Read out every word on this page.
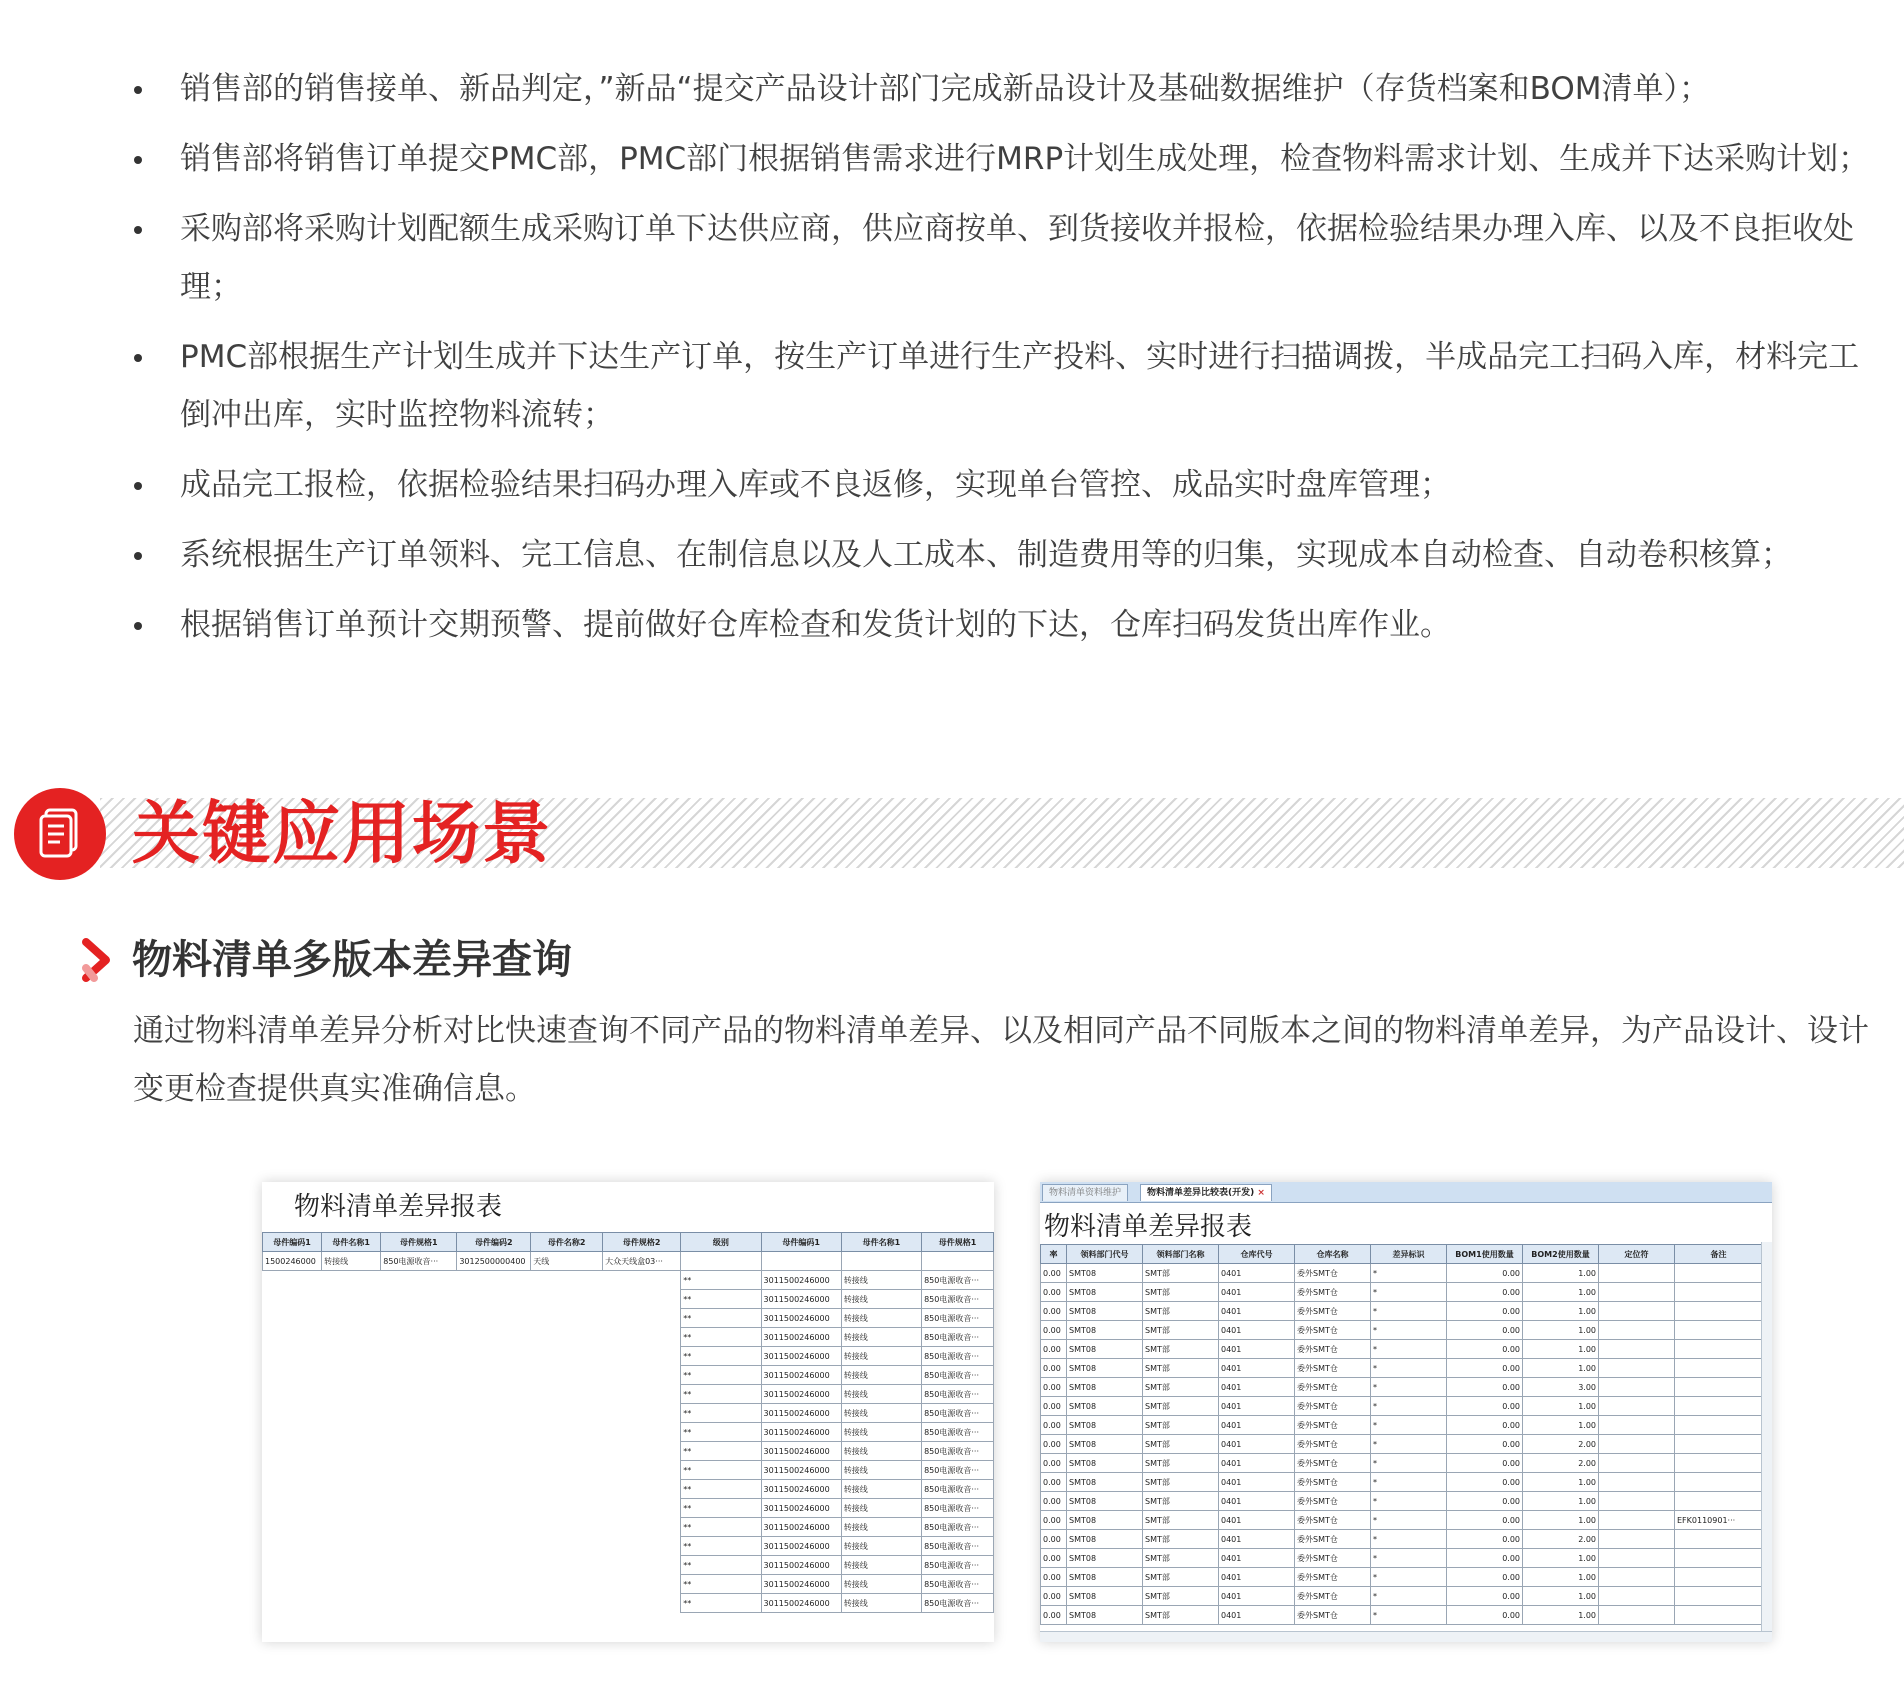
销售部的销售接单、新品判定，”新品“提交产品设计部门完成新品设计及基础数据维护（存货档案和BOM清单）；
销售部将销售订单提交PMC部，PMC部门根据销售需求进行MRP计划生成处理，检查物料需求计划、生成并下达采购计划；
采购部将采购计划配额生成采购订单下达供应商，供应商按单、到货接收并报检，依据检验结果办理入库、以及不良拒收处理；
PMC部根据生产计划生成并下达生产订单，按生产订单进行生产投料、实时进行扫描调拨，半成品完工扫码入库，材料完工倒冲出库，实时监控物料流转；
成品完工报检，依据检验结果扫码办理入库或不良返修，实现单台管控、成品实时盘库管理；
系统根据生产订单领料、完工信息、在制信息以及人工成本、制造费用等的归集，实现成本自动检查、自动卷积核算；
根据销售订单预计交期预警、提前做好仓库检查和发货计划的下达，仓库扫码发货出库作业。
关键应用场景
物料清单多版本差异查询
通过物料清单差异分析对比快速查询不同产品的物料清单差异、以及相同产品不同版本之间的物料清单差异，为产品设计、设计变更检查提供真实准确信息。
物料清单差异报表
母件编码1	母件名称1	母件规格1	母件编码2	母件名称2	母件规格2	级别	母件编码1	母件名称1	母件规格1
1500246000	转接线	850电源收音···	3012500000400	天线	大众天线盒03···				
						**	3011500246000	转接线	850电源收音···
						**	3011500246000	转接线	850电源收音···
						**	3011500246000	转接线	850电源收音···
						**	3011500246000	转接线	850电源收音···
						**	3011500246000	转接线	850电源收音···
						**	3011500246000	转接线	850电源收音···
						**	3011500246000	转接线	850电源收音···
						**	3011500246000	转接线	850电源收音···
						**	3011500246000	转接线	850电源收音···
						**	3011500246000	转接线	850电源收音···
						**	3011500246000	转接线	850电源收音···
						**	3011500246000	转接线	850电源收音···
						**	3011500246000	转接线	850电源收音···
						**	3011500246000	转接线	850电源收音···
						**	3011500246000	转接线	850电源收音···
						**	3011500246000	转接线	850电源收音···
						**	3011500246000	转接线	850电源收音···
						**	3011500246000	转接线	850电源收音···
物料清单资料维护	物料清单差异比较表(开发) ×
物料清单差异报表
率	领料部门代号	领料部门名称	仓库代号	仓库名称	差异标识	BOM1使用数量	BOM2使用数量	定位符	备注
0.00	SMT08	SMT部	0401	委外SMT仓	*	0.00	1.00		
0.00	SMT08	SMT部	0401	委外SMT仓	*	0.00	1.00		
0.00	SMT08	SMT部	0401	委外SMT仓	*	0.00	1.00		
0.00	SMT08	SMT部	0401	委外SMT仓	*	0.00	1.00		
0.00	SMT08	SMT部	0401	委外SMT仓	*	0.00	1.00		
0.00	SMT08	SMT部	0401	委外SMT仓	*	0.00	1.00		
0.00	SMT08	SMT部	0401	委外SMT仓	*	0.00	3.00		
0.00	SMT08	SMT部	0401	委外SMT仓	*	0.00	1.00		
0.00	SMT08	SMT部	0401	委外SMT仓	*	0.00	1.00		
0.00	SMT08	SMT部	0401	委外SMT仓	*	0.00	2.00		
0.00	SMT08	SMT部	0401	委外SMT仓	*	0.00	2.00		
0.00	SMT08	SMT部	0401	委外SMT仓	*	0.00	1.00		
0.00	SMT08	SMT部	0401	委外SMT仓	*	0.00	1.00		
0.00	SMT08	SMT部	0401	委外SMT仓	*	0.00	1.00		EFK0110901···
0.00	SMT08	SMT部	0401	委外SMT仓	*	0.00	2.00		
0.00	SMT08	SMT部	0401	委外SMT仓	*	0.00	1.00		
0.00	SMT08	SMT部	0401	委外SMT仓	*	0.00	1.00		
0.00	SMT08	SMT部	0401	委外SMT仓	*	0.00	1.00		
0.00	SMT08	SMT部	0401	委外SMT仓	*	0.00	1.00		
